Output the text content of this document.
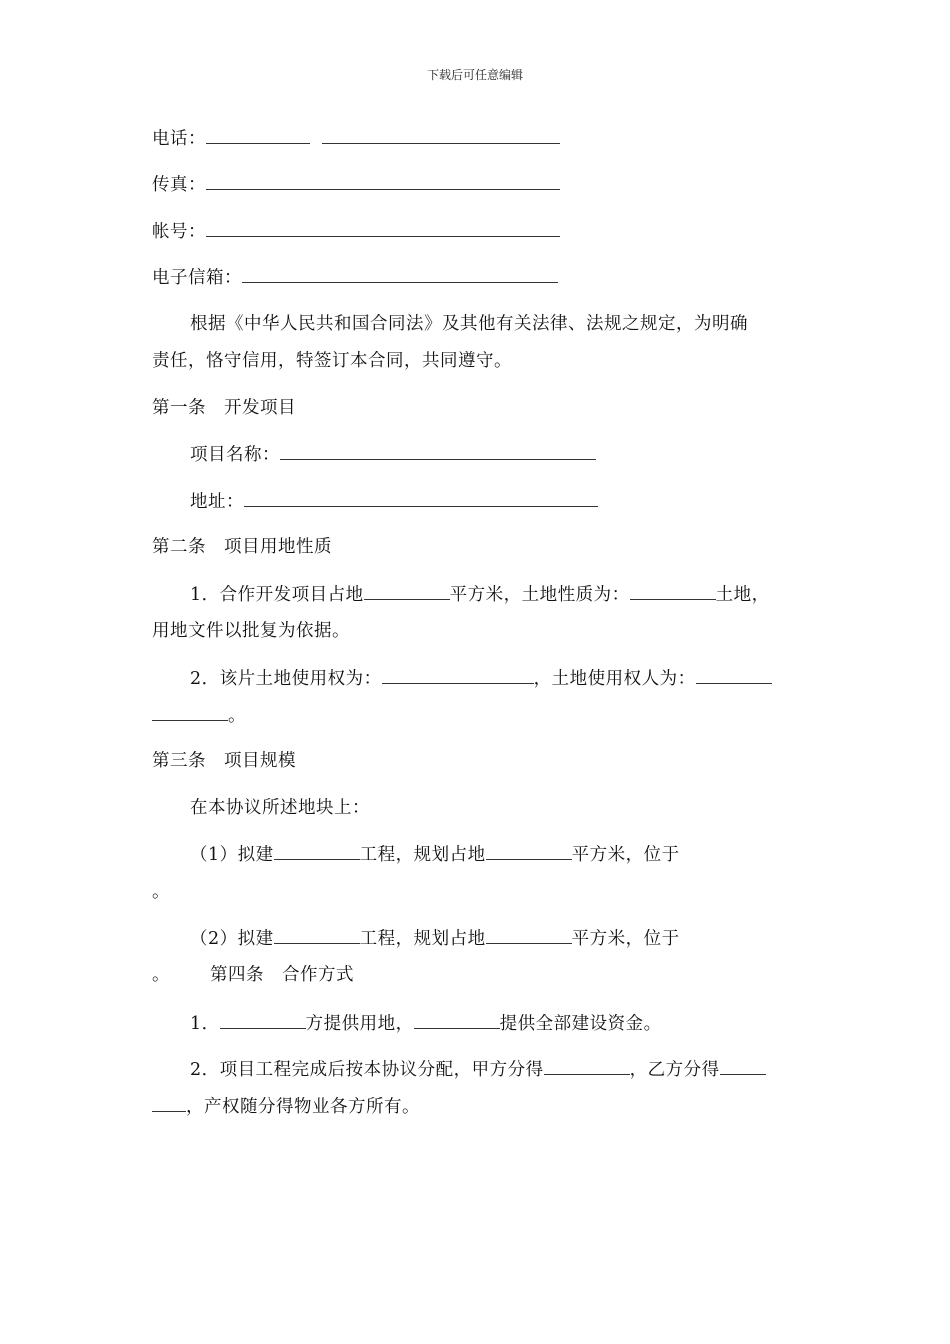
下载后可任意编辑
电话：
传真：
帐号：
电子信箱：
根据《中华人民共和国合同法》及其他有关法律、法规之规定，为明确
责任，恪守信用，特签订本合同，共同遵守。
第一条　开发项目
项目名称：
地址：
第二条　项目用地性质
1．合作开发项目占地	平方米，土地性质为：	土地，
用地文件以批复为依据。
2．该片土地使用权为：	，土地使用权人为：
。
第三条　项目规模
在本协议所述地块上：
（1）拟建	工程，规划占地	平方米，位于
。
（2）拟建	工程，规划占地	平方米，位于
。 第四条　合作方式
1．	方提供用地，	提供全部建设资金。
2．项目工程完成后按本协议分配，甲方分得	，乙方分得
，产权随分得物业各方所有。
